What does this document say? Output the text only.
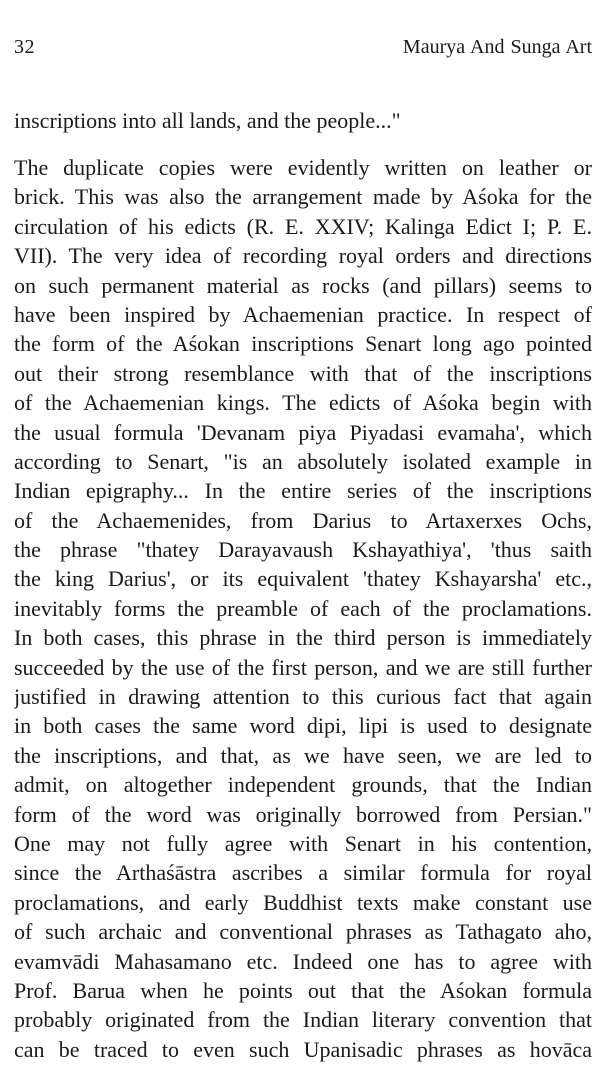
32	Maurya And Sunga Art
inscriptions into all lands, and the people..."
The duplicate copies were evidently written on leather or
brick. This was also the arrangement made by Aśoka for the
circulation of his edicts (R. E. XXIV; Kalinga Edict I; P. E.
VII). The very idea of recording royal orders and directions
on such permanent material as rocks (and pillars) seems to
have been inspired by Achaemenian practice. In respect of
the form of the Aśokan inscriptions Senart long ago pointed
out their strong resemblance with that of the inscriptions
of the Achaemenian kings. The edicts of Aśoka begin with
the usual formula 'Devanam piya Piyadasi evamaha', which
according to Senart, "is an absolutely isolated example in
Indian epigraphy... In the entire series of the inscriptions
of the Achaemenides, from Darius to Artaxerxes Ochs,
the phrase "thatey Darayavaush Kshayathiya', 'thus saith
the king Darius', or its equivalent 'thatey Kshayarsha' etc.,
inevitably forms the preamble of each of the proclamations.
In both cases, this phrase in the third person is immediately
succeeded by the use of the first person, and we are still further
justified in drawing attention to this curious fact that again
in both cases the same word dipi, lipi is used to designate
the inscriptions, and that, as we have seen, we are led to
admit, on altogether independent grounds, that the Indian
form of the word was originally borrowed from Persian."
One may not fully agree with Senart in his contention,
since the Arthaśāstra ascribes a similar formula for royal
proclamations, and early Buddhist texts make constant use
of such archaic and conventional phrases as Tathagato aho,
evamvādi Mahasamano etc. Indeed one has to agree with
Prof. Barua when he points out that the Aśokan formula
probably originated from the Indian literary convention that
can be traced to even such Upanisadic phrases as hovāca
